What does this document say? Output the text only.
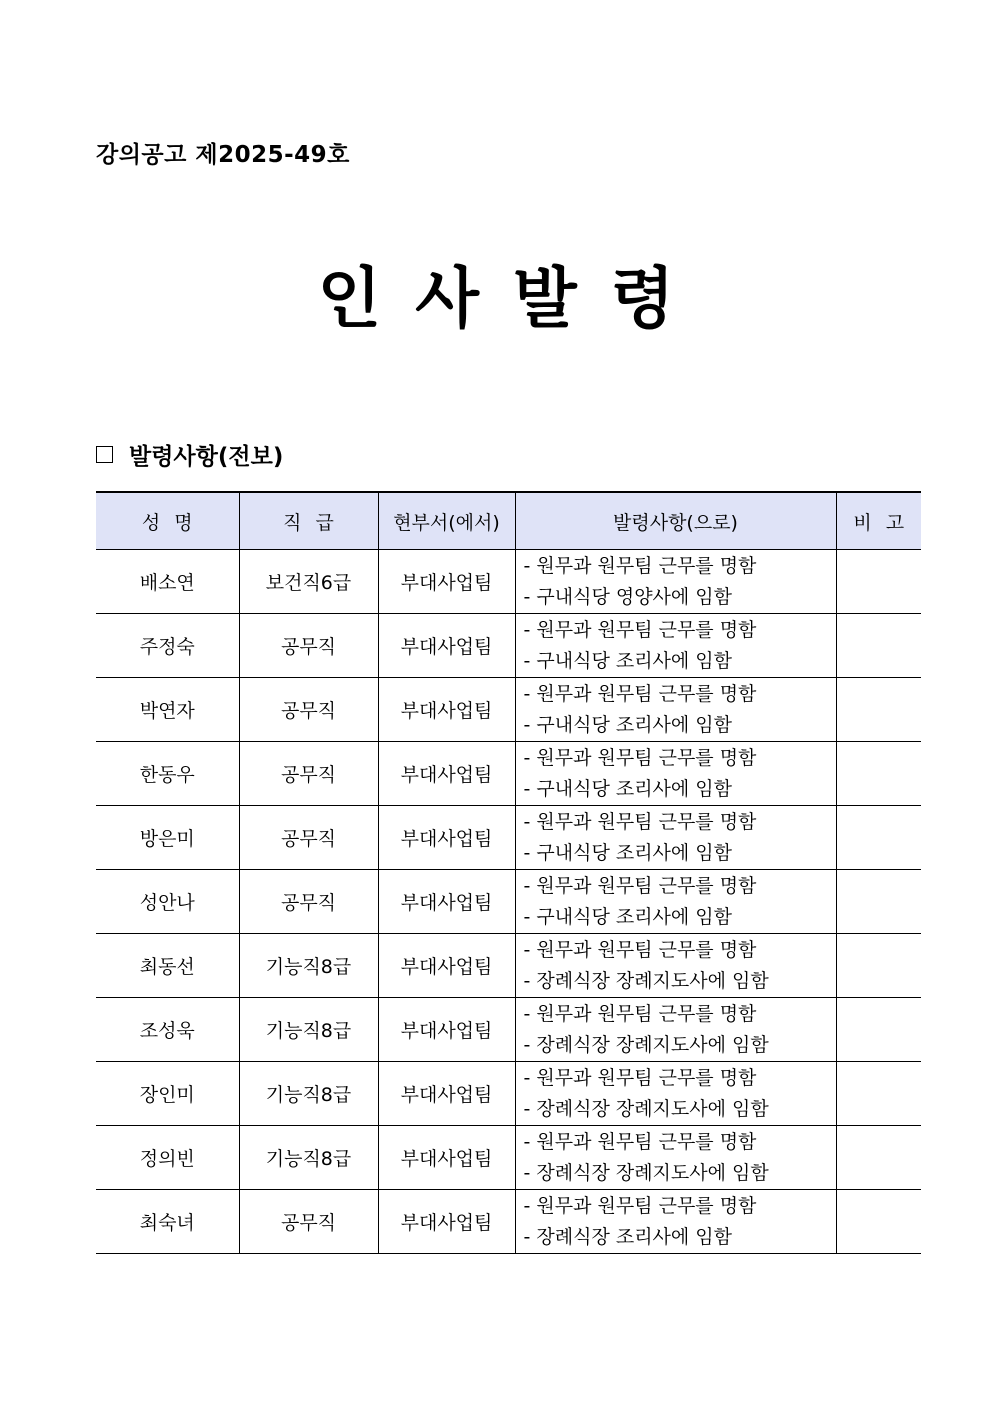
강의공고 제2025-49호
인사발령
발령사항(전보)
성명	직급	현부서(에서)	발령사항(으로)	비고
배소연	보건직6급	부대사업팀	- 원무과 원무팀 근무를 명함
- 구내식당 영양사에 임함	

주정숙	공무직	부대사업팀	- 원무과 원무팀 근무를 명함
- 구내식당 조리사에 임함	

박연자	공무직	부대사업팀	- 원무과 원무팀 근무를 명함
- 구내식당 조리사에 임함	

한동우	공무직	부대사업팀	- 원무과 원무팀 근무를 명함
- 구내식당 조리사에 임함	

방은미	공무직	부대사업팀	- 원무과 원무팀 근무를 명함
- 구내식당 조리사에 임함	

성안나	공무직	부대사업팀	- 원무과 원무팀 근무를 명함
- 구내식당 조리사에 임함	

최동선	기능직8급	부대사업팀	- 원무과 원무팀 근무를 명함
- 장례식장 장례지도사에 임함	

조성욱	기능직8급	부대사업팀	- 원무과 원무팀 근무를 명함
- 장례식장 장례지도사에 임함	

장인미	기능직8급	부대사업팀	- 원무과 원무팀 근무를 명함
- 장례식장 장례지도사에 임함	

정의빈	기능직8급	부대사업팀	- 원무과 원무팀 근무를 명함
- 장례식장 장례지도사에 임함	

최숙녀	공무직	부대사업팀	- 원무과 원무팀 근무를 명함
- 장례식장 조리사에 임함	
